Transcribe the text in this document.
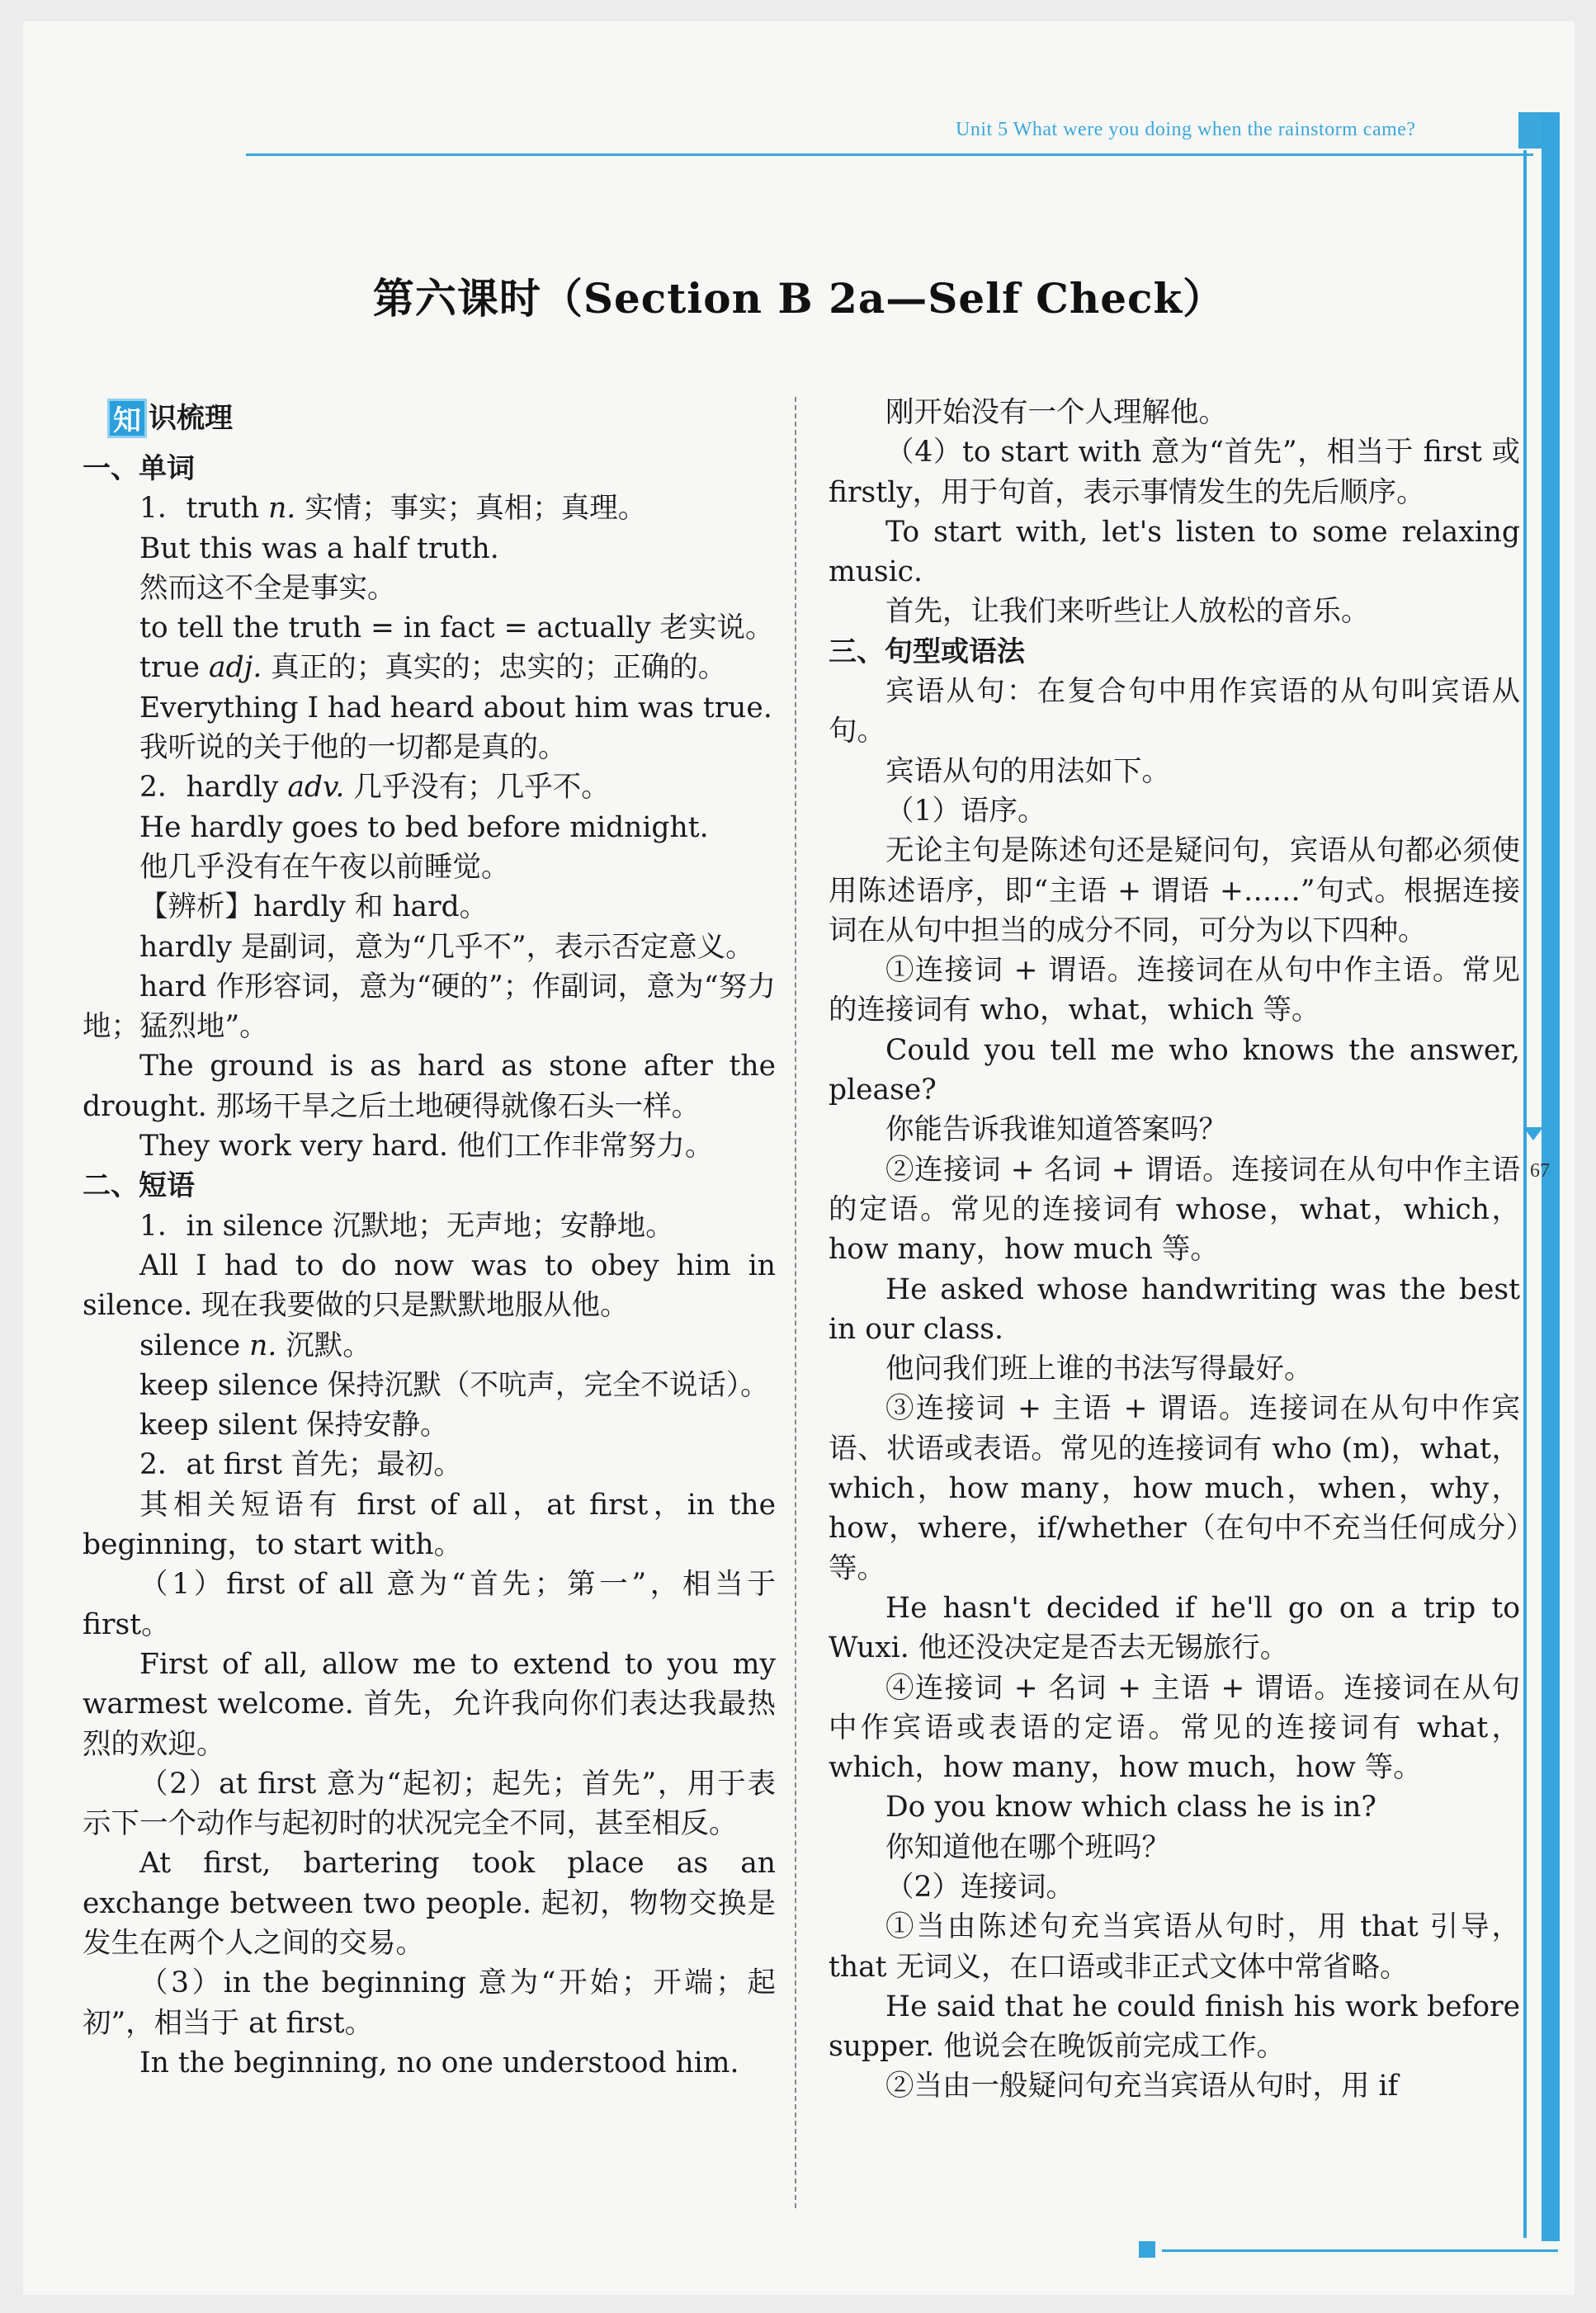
Unit 5 What were you doing when the rainstorm came?
67
第六课时（Section B 2a—Self Check）
知 识梳理

一、单词

1．truth n. 实情；事实；真相；真理。

But this was a half truth.

然而这不全是事实。

to tell the truth = in fact = actually 老实说。

true adj. 真正的；真实的；忠实的；正确的。

Everything I had heard about him was true.

我听说的关于他的一切都是真的。

2．hardly adv. 几乎没有；几乎不。

He hardly goes to bed before midnight.

他几乎没有在午夜以前睡觉。

【辨析】hardly 和 hard。

hardly 是副词，意为“几乎不”，表示否定意义。

hard 作形容词，意为“硬的”；作副词，意为“努力地；猛烈地”。

The ground is as hard as stone after the drought. 那场干旱之后土地硬得就像石头一样。

They work very hard. 他们工作非常努力。

二、短语

1．in silence 沉默地；无声地；安静地。

All I had to do now was to obey him in silence. 现在我要做的只是默默地服从他。

silence n. 沉默。

keep silence 保持沉默（不吭声，完全不说话）。

keep silent 保持安静。

2．at first 首先；最初。

其相关短语有 first of all，at first，in the beginning，to start with。

（1）first of all 意为“首先；第一”，相当于 first。

First of all, allow me to extend to you my warmest welcome. 首先，允许我向你们表达我最热烈的欢迎。

（2）at first 意为“起初；起先；首先”，用于表示下一个动作与起初时的状况完全不同，甚至相反。

At first, bartering took place as an exchange between two people. 起初，物物交换是发生在两个人之间的交易。

（3）in the beginning 意为“开始；开端；起初”，相当于 at first。

In the beginning, no one understood him.

刚开始没有一个人理解他。

（4）to start with 意为“首先”，相当于 first 或 firstly，用于句首，表示事情发生的先后顺序。

To start with, let's listen to some relaxing music.

首先，让我们来听些让人放松的音乐。

三、句型或语法

宾语从句：在复合句中用作宾语的从句叫宾语从句。

宾语从句的用法如下。

（1）语序。

无论主句是陈述句还是疑问句，宾语从句都必须使用陈述语序，即“主语 + 谓语 +……”句式。根据连接词在从句中担当的成分不同，可分为以下四种。

①连接词 + 谓语。连接词在从句中作主语。常见的连接词有 who，what，which 等。

Could you tell me who knows the answer, please?

你能告诉我谁知道答案吗？

②连接词 + 名词 + 谓语。连接词在从句中作主语的定语。常见的连接词有 whose，what，which，how many，how much 等。

He asked whose handwriting was the best in our class.

他问我们班上谁的书法写得最好。

③连接词 + 主语 + 谓语。连接词在从句中作宾语、状语或表语。常见的连接词有 who (m)，what，which，how many，how much，when，why，how，where，if/whether（在句中不充当任何成分）等。

He hasn't decided if he'll go on a trip to Wuxi. 他还没决定是否去无锡旅行。

④连接词 + 名词 + 主语 + 谓语。连接词在从句中作宾语或表语的定语。常见的连接词有 what，which，how many，how much，how 等。

Do you know which class he is in?

你知道他在哪个班吗？

（2）连接词。

①当由陈述句充当宾语从句时，用 that 引导，that 无词义，在口语或非正式文体中常省略。

He said that he could finish his work before supper. 他说会在晚饭前完成工作。

②当由一般疑问句充当宾语从句时，用 if
